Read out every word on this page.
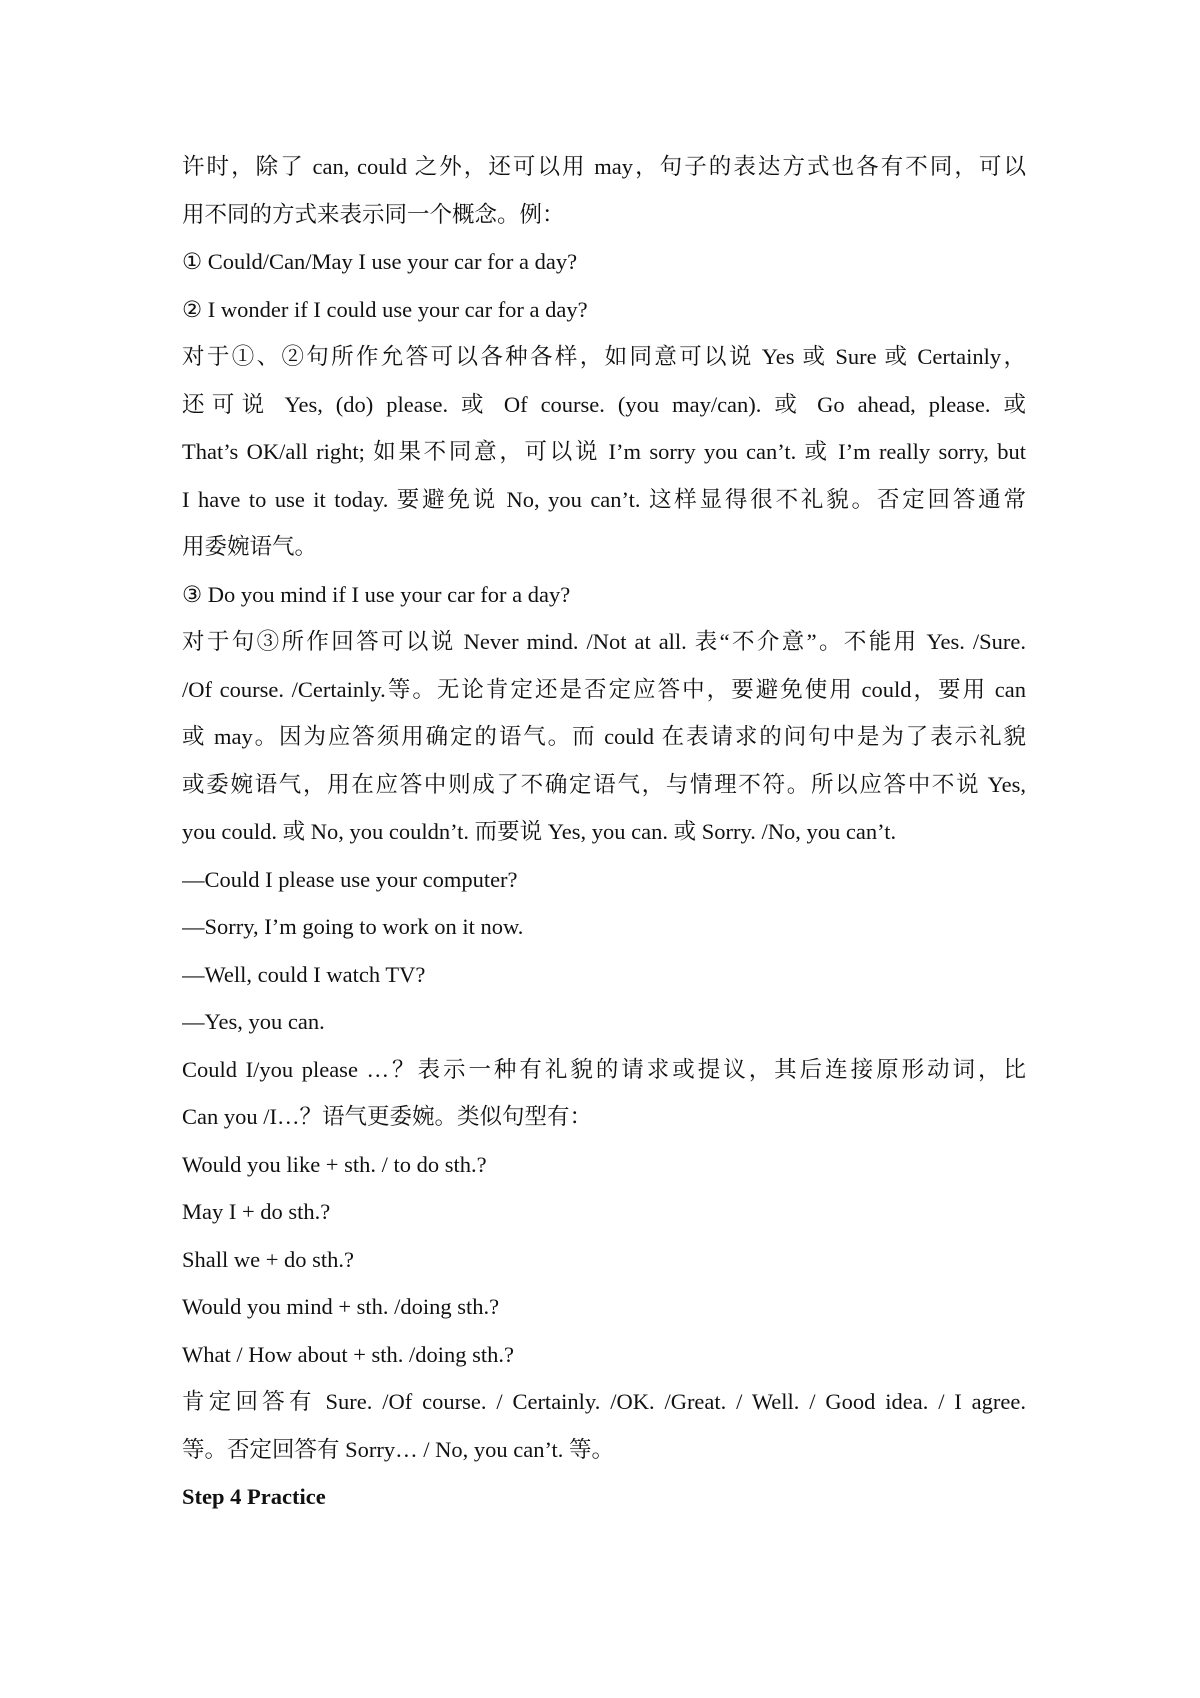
许时，除了 can, could 之外，还可以用 may，句子的表达方式也各有不同，可以
用不同的方式来表示同一个概念。例：
① Could/Can/May I use your car for a day?
② I wonder if I could use your car for a day?
对于①、②句所作允答可以各种各样，如同意可以说 Yes 或 Sure 或 Certainly，
还可说 Yes, (do) please. 或 Of course. (you may/can). 或 Go ahead, please. 或
That’s OK/all right; 如果不同意，可以说 I’m sorry you can’t. 或 I’m really sorry, but
I have to use it today. 要避免说 No, you can’t. 这样显得很不礼貌。否定回答通常
用委婉语气。
③ Do you mind if I use your car for a day?
对于句③所作回答可以说 Never mind. /Not at all. 表“不介意”。不能用 Yes. /Sure.
/Of course. /Certainly.等。无论肯定还是否定应答中，要避免使用 could，要用 can
或 may。因为应答须用确定的语气。而 could 在表请求的问句中是为了表示礼貌
或委婉语气，用在应答中则成了不确定语气，与情理不符。所以应答中不说 Yes,
you could. 或 No, you couldn’t. 而要说 Yes, you can. 或 Sorry. /No, you can’t.
—Could I please use your computer?
—Sorry, I’m going to work on it now.
—Well, could I watch TV?
—Yes, you can.
Could I/you please …？表示一种有礼貌的请求或提议，其后连接原形动词，比
Can you /I…？语气更委婉。类似句型有：
Would you like + sth. / to do sth.?
May I + do sth.?
Shall we + do sth.?
Would you mind + sth. /doing sth.?
What / How about + sth. /doing sth.?
肯定回答有 Sure. /Of course. / Certainly. /OK. /Great. / Well. / Good idea. / I agree.
等。否定回答有 Sorry… / No, you can’t. 等。
Step 4 Practice
